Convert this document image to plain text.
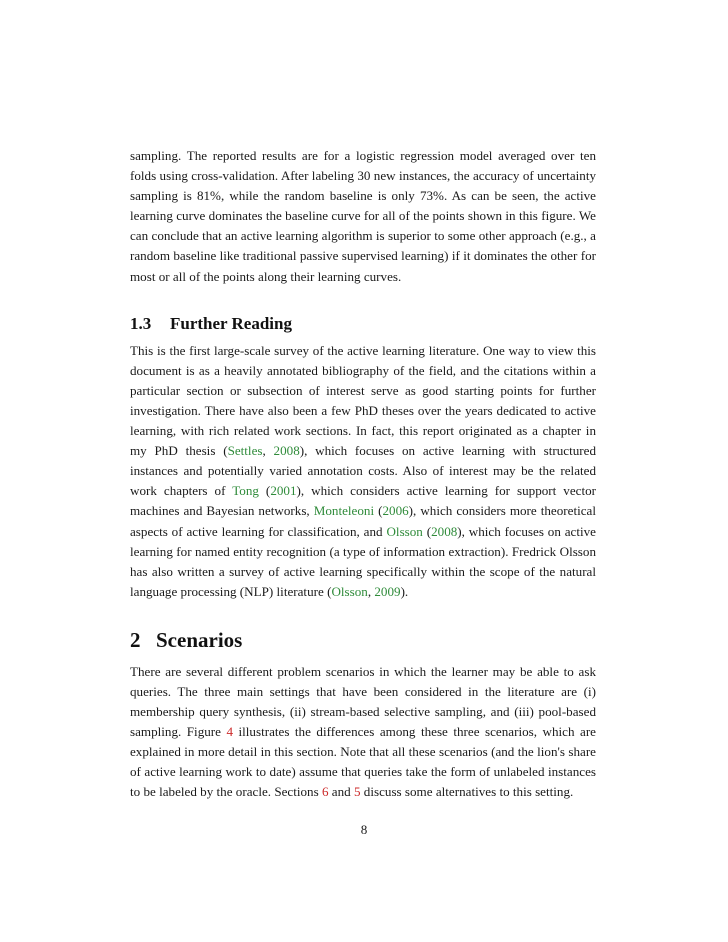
sampling. The reported results are for a logistic regression model averaged over ten folds using cross-validation. After labeling 30 new instances, the accuracy of uncertainty sampling is 81%, while the random baseline is only 73%. As can be seen, the active learning curve dominates the baseline curve for all of the points shown in this figure. We can conclude that an active learning algorithm is superior to some other approach (e.g., a random baseline like traditional passive supervised learning) if it dominates the other for most or all of the points along their learning curves.

1.3 Further Reading

This is the first large-scale survey of the active learning literature. One way to view this document is as a heavily annotated bibliography of the field, and the citations within a particular section or subsection of interest serve as good starting points for further investigation. There have also been a few PhD theses over the years dedicated to active learning, with rich related work sections. In fact, this report originated as a chapter in my PhD thesis (Settles, 2008), which focuses on active learning with structured instances and potentially varied annotation costs. Also of interest may be the related work chapters of Tong (2001), which considers active learning for support vector machines and Bayesian networks, Monteleoni (2006), which considers more theoretical aspects of active learning for classification, and Olsson (2008), which focuses on active learning for named entity recognition (a type of information extraction). Fredrick Olsson has also written a survey of active learning specifically within the scope of the natural language processing (NLP) literature (Olsson, 2009).

2 Scenarios

There are several different problem scenarios in which the learner may be able to ask queries. The three main settings that have been considered in the literature are (i) membership query synthesis, (ii) stream-based selective sampling, and (iii) pool-based sampling. Figure 4 illustrates the differences among these three scenarios, which are explained in more detail in this section. Note that all these scenarios (and the lion's share of active learning work to date) assume that queries take the form of unlabeled instances to be labeled by the oracle. Sections 6 and 5 discuss some alternatives to this setting.

8
